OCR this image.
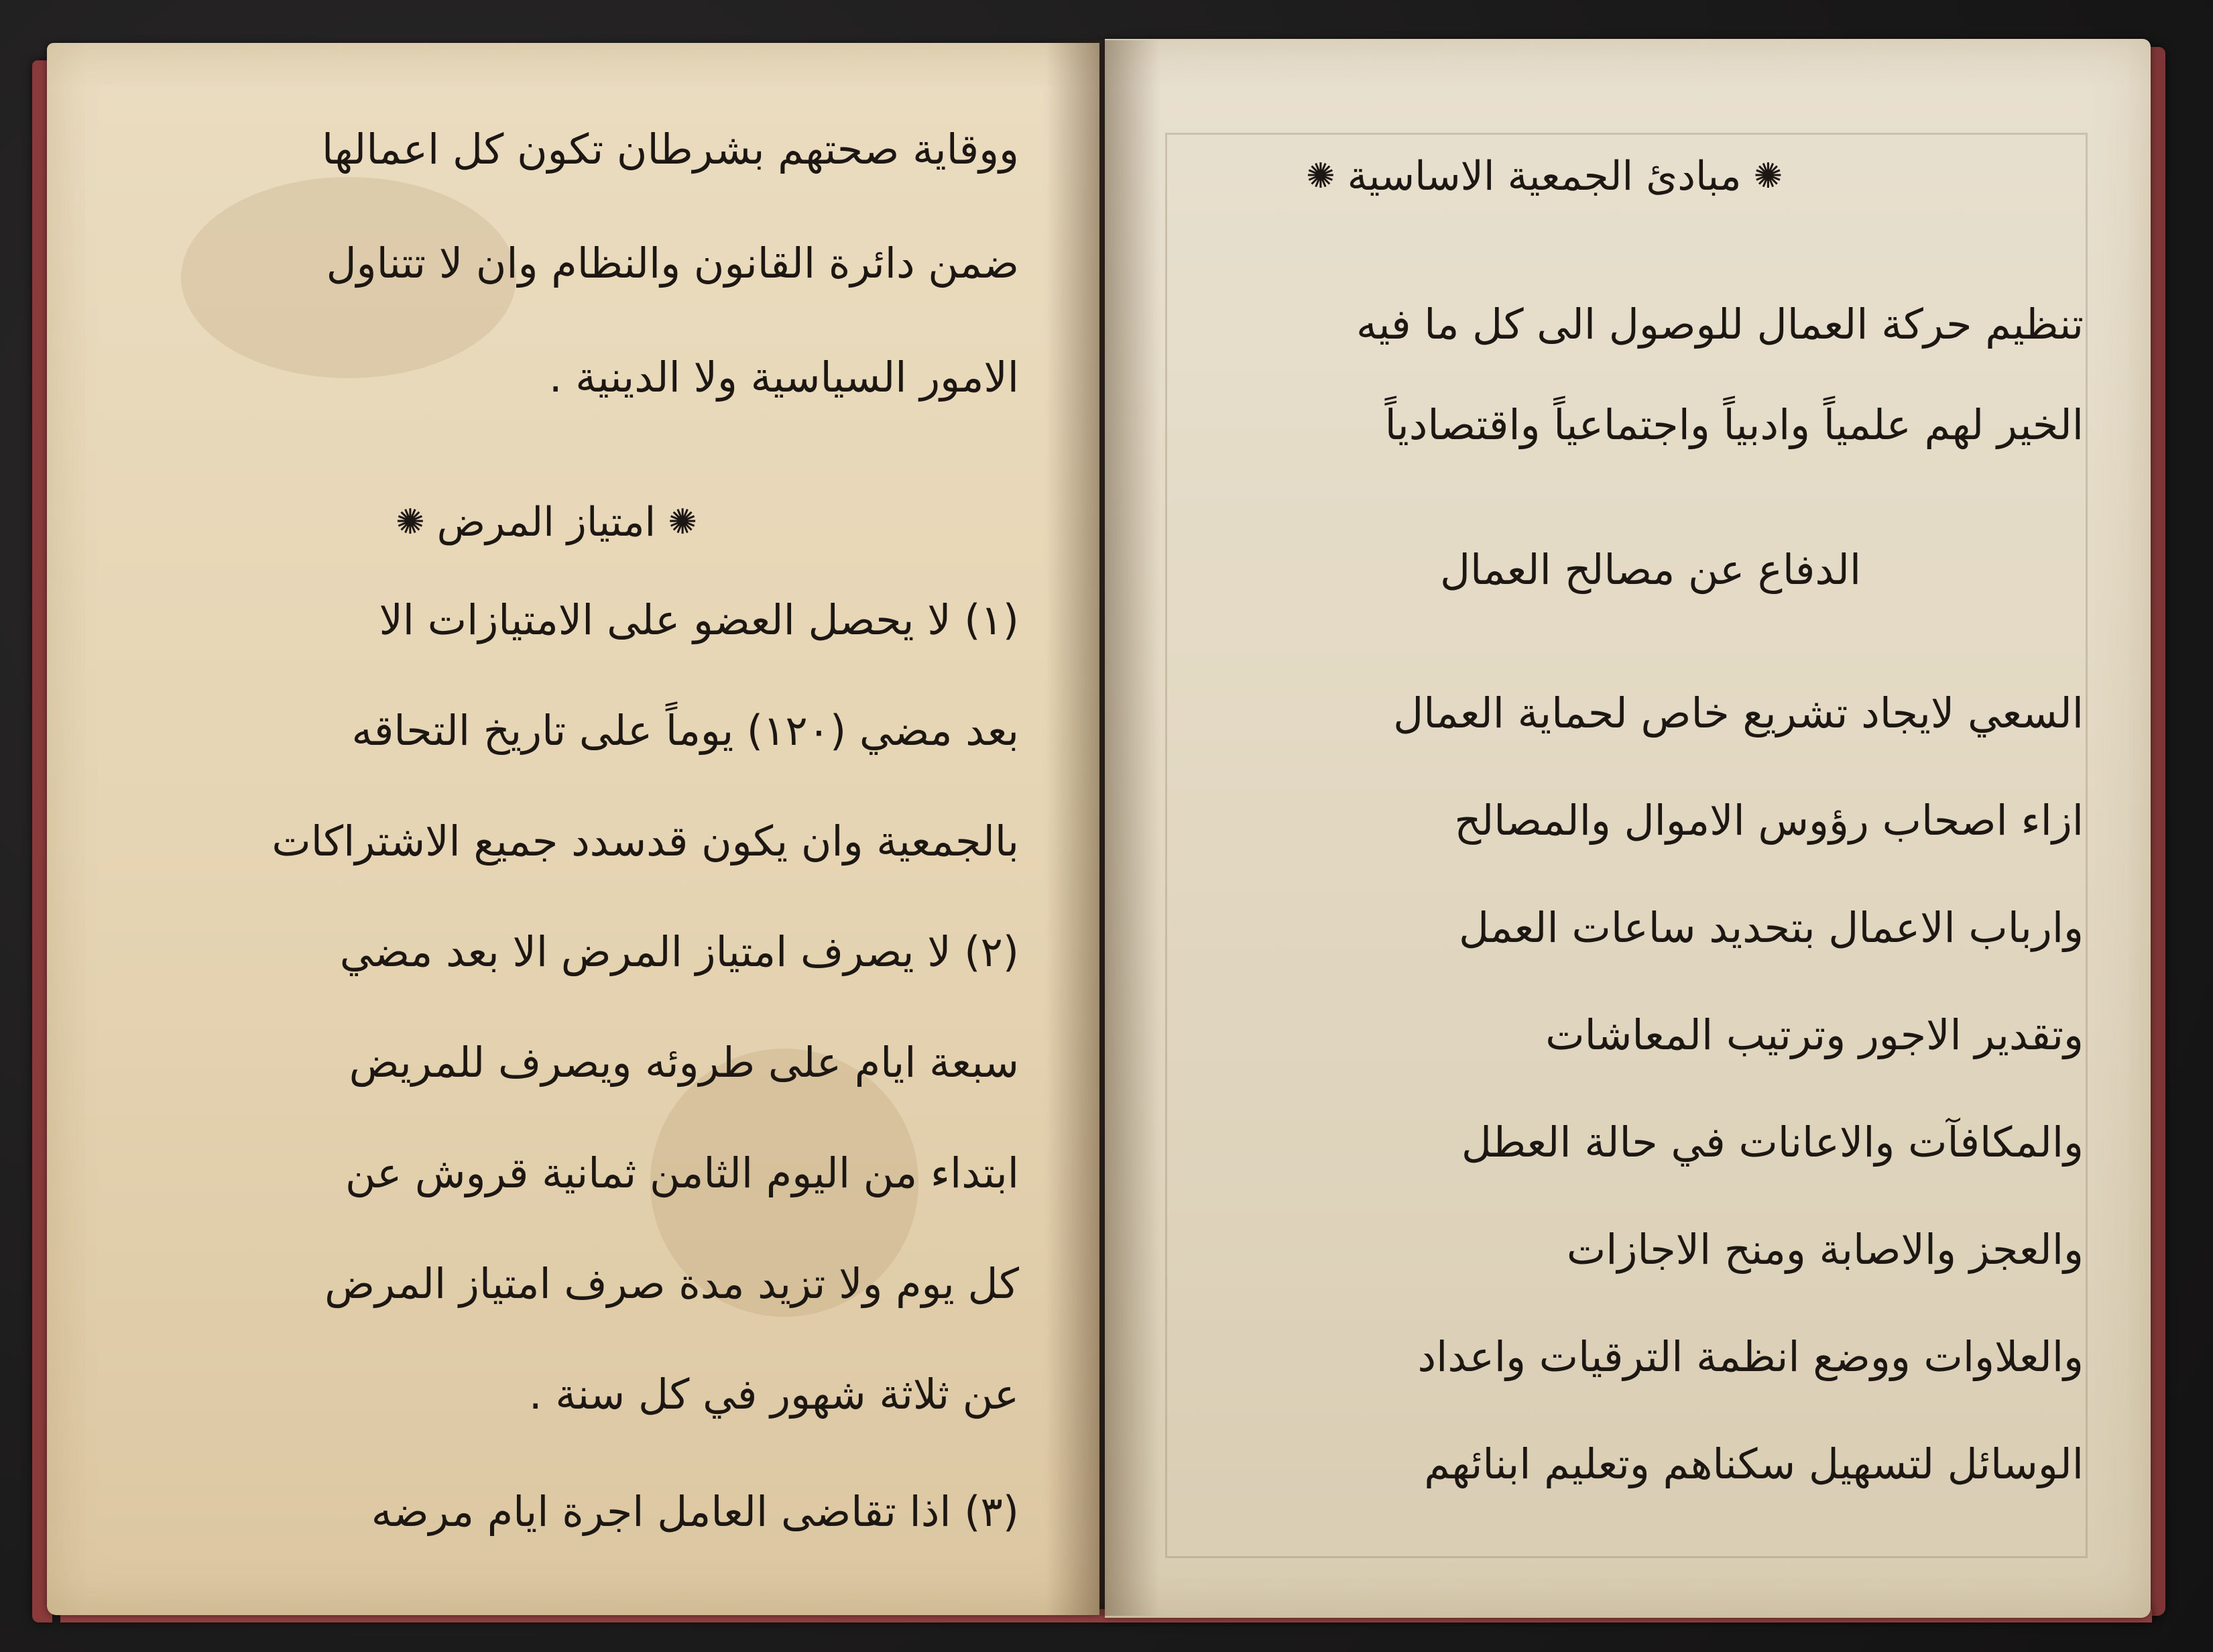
ووقاية صحتهم بشرطان تكون كل اعمالها
ضمن دائرة القانون والنظام وان لا تتناول
الامور السياسية ولا الدينية .
✺
امتياز المرض
✺
(١) لا يحصل العضو على الامتيازات الا
بعد مضي (١٢٠) يوماً على تاريخ التحاقه
بالجمعية وان يكون قدسدد جميع الاشتراكات
(٢) لا يصرف امتياز المرض الا بعد مضي
سبعة ايام على طروئه ويصرف للمريض
ابتداء من اليوم الثامن ثمانية قروش عن
كل يوم ولا تزيد مدة صرف امتياز المرض
عن ثلاثة شهور في كل سنة .
(٣) اذا تقاضى العامل اجرة ايام مرضه
✺
مبادئ الجمعية الاساسية
✺
تنظيم حركة العمال للوصول الى كل ما فيه
الخير لهم علمياً وادبياً واجتماعياً واقتصادياً
الدفاع عن مصالح العمال
السعي لايجاد تشريع خاص لحماية العمال
ازاء اصحاب رؤوس الاموال والمصالح
وارباب الاعمال بتحديد ساعات العمل
وتقدير الاجور وترتيب المعاشات
والمكافآت والاعانات في حالة العطل
والعجز والاصابة ومنح الاجازات
والعلاوات ووضع انظمة الترقيات واعداد
الوسائل لتسهيل سكناهم وتعليم ابنائهم
